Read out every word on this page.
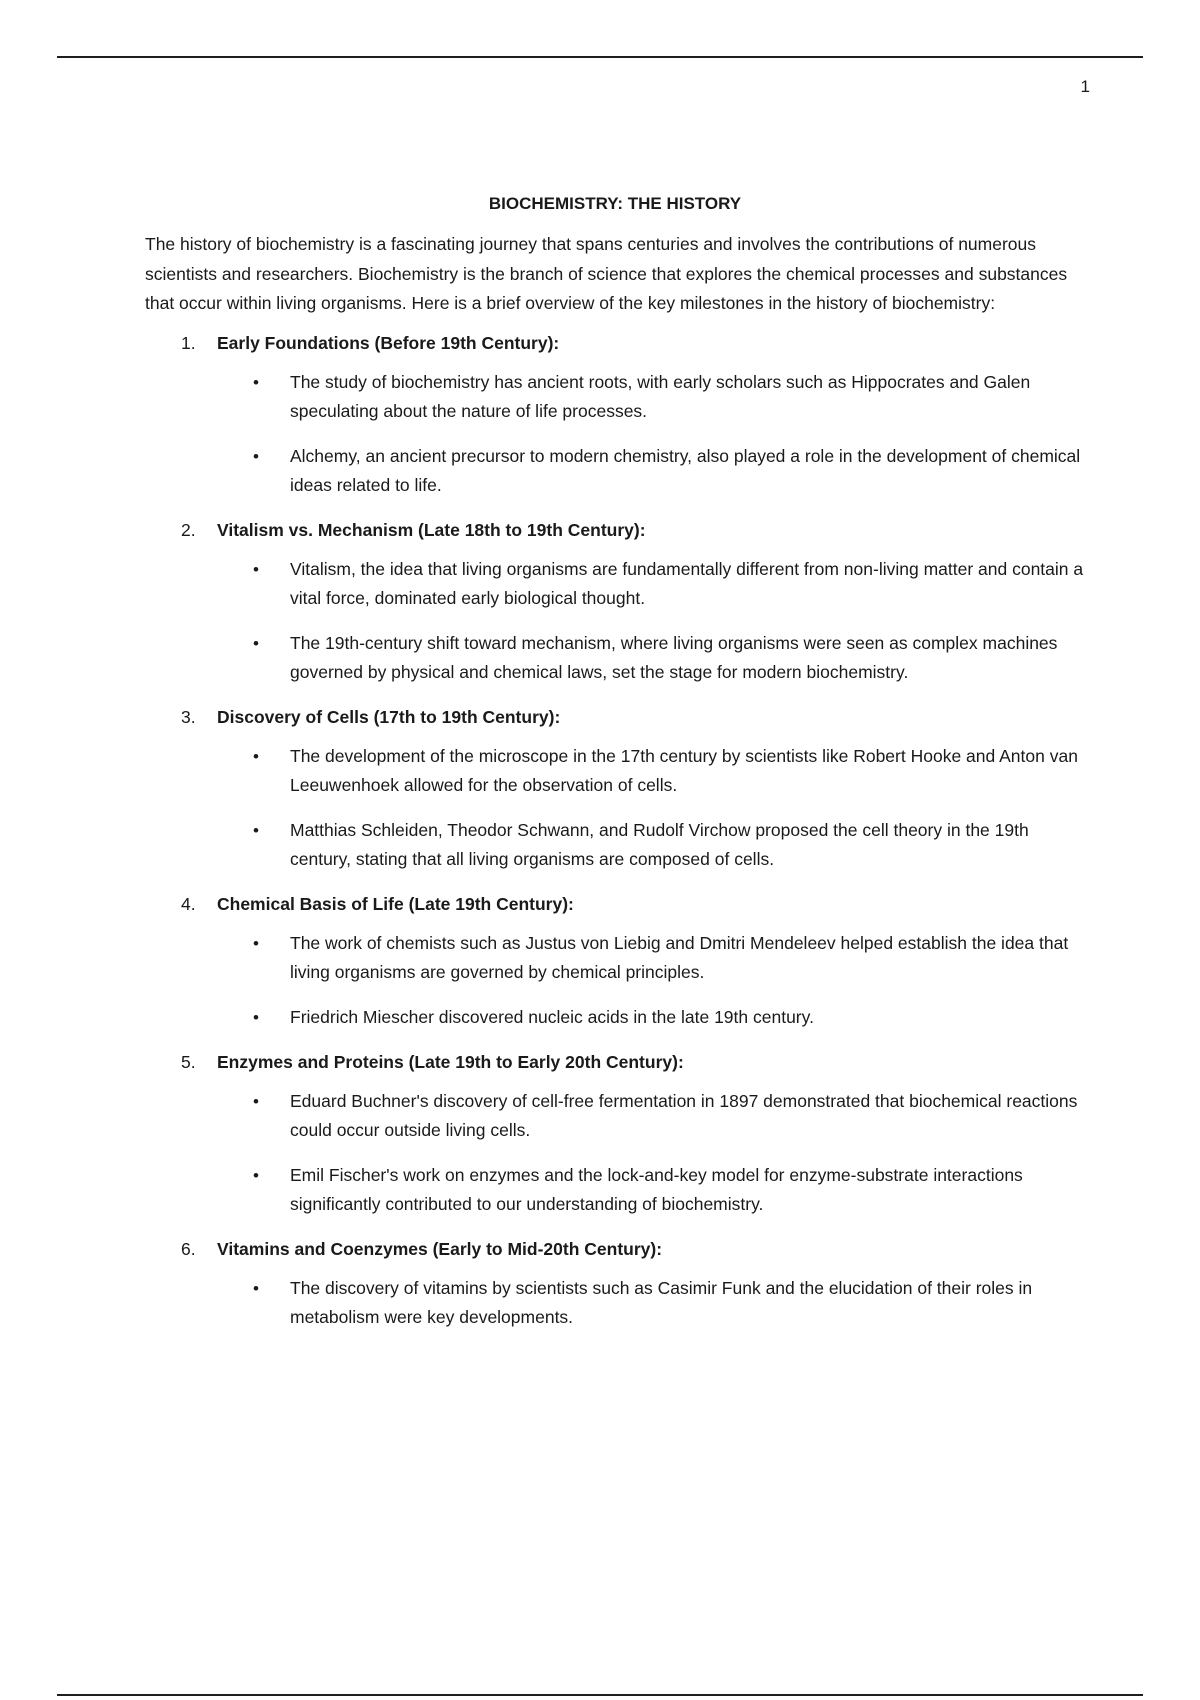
1
BIOCHEMISTRY: THE HISTORY

The history of biochemistry is a fascinating journey that spans centuries and involves the contributions of numerous scientists and researchers. Biochemistry is the branch of science that explores the chemical processes and substances that occur within living organisms. Here is a brief overview of the key milestones in the history of biochemistry:

1. Early Foundations (Before 19th Century):
• The study of biochemistry has ancient roots, with early scholars such as Hippocrates and Galen speculating about the nature of life processes.
• Alchemy, an ancient precursor to modern chemistry, also played a role in the development of chemical ideas related to life.
2. Vitalism vs. Mechanism (Late 18th to 19th Century):
• Vitalism, the idea that living organisms are fundamentally different from non-living matter and contain a vital force, dominated early biological thought.
• The 19th-century shift toward mechanism, where living organisms were seen as complex machines governed by physical and chemical laws, set the stage for modern biochemistry.
3. Discovery of Cells (17th to 19th Century):
• The development of the microscope in the 17th century by scientists like Robert Hooke and Anton van Leeuwenhoek allowed for the observation of cells.
• Matthias Schleiden, Theodor Schwann, and Rudolf Virchow proposed the cell theory in the 19th century, stating that all living organisms are composed of cells.
4. Chemical Basis of Life (Late 19th Century):
• The work of chemists such as Justus von Liebig and Dmitri Mendeleev helped establish the idea that living organisms are governed by chemical principles.
• Friedrich Miescher discovered nucleic acids in the late 19th century.
5. Enzymes and Proteins (Late 19th to Early 20th Century):
• Eduard Buchner's discovery of cell-free fermentation in 1897 demonstrated that biochemical reactions could occur outside living cells.
• Emil Fischer's work on enzymes and the lock-and-key model for enzyme-substrate interactions significantly contributed to our understanding of biochemistry.
6. Vitamins and Coenzymes (Early to Mid-20th Century):
• The discovery of vitamins by scientists such as Casimir Funk and the elucidation of their roles in metabolism were key developments.
